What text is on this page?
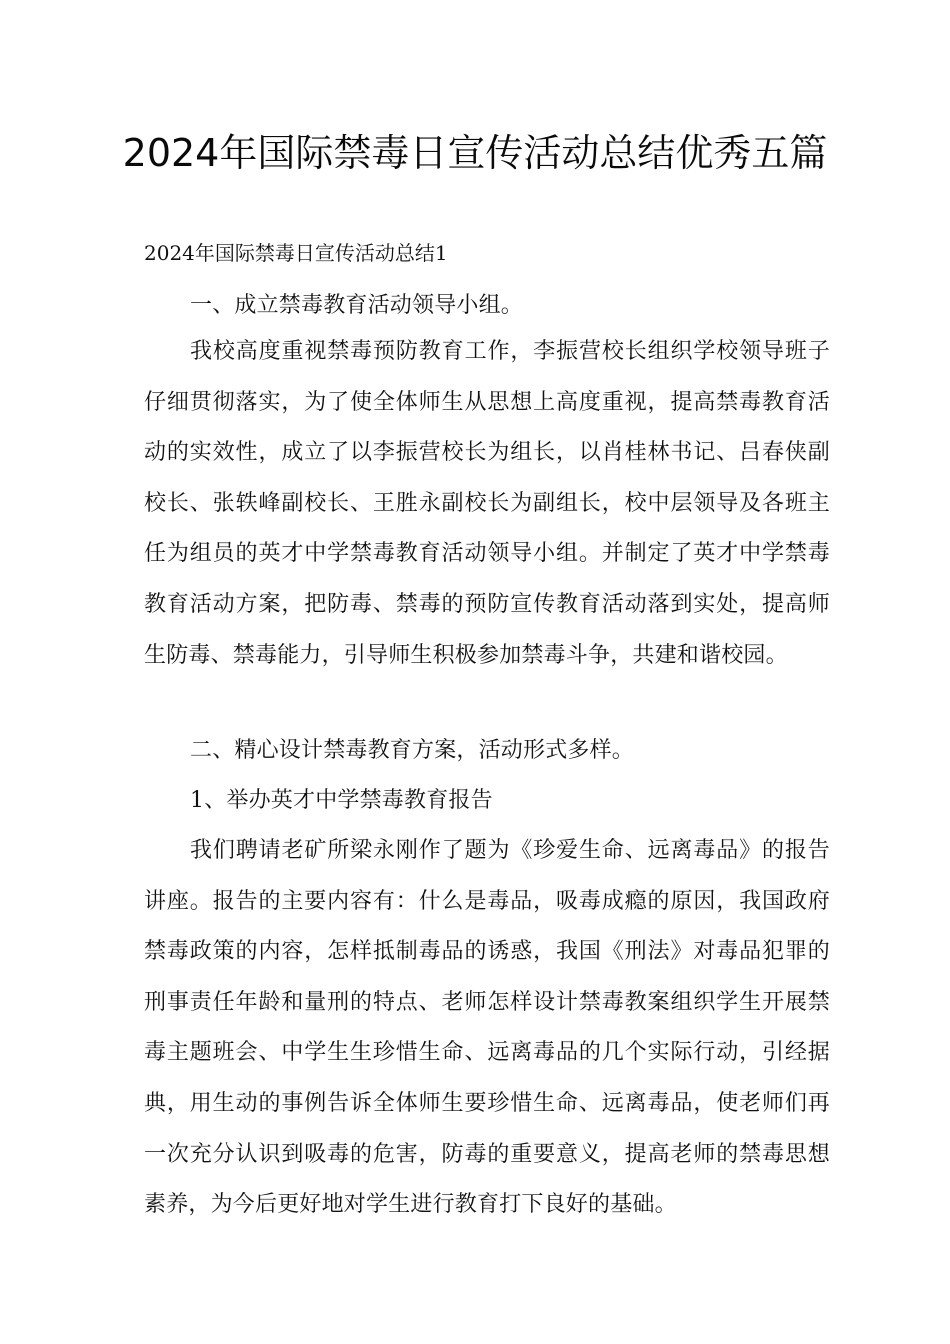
2024年国际禁毒日宣传活动总结优秀五篇

2024年国际禁毒日宣传活动总结1

一、成立禁毒教育活动领导小组。

我校高度重视禁毒预防教育工作，李振营校长组织学校领导班子仔细贯彻落实，为了使全体师生从思想上高度重视，提高禁毒教育活动的实效性，成立了以李振营校长为组长，以肖桂林书记、吕春侠副校长、张轶峰副校长、王胜永副校长为副组长，校中层领导及各班主任为组员的英才中学禁毒教育活动领导小组。并制定了英才中学禁毒教育活动方案，把防毒、禁毒的预防宣传教育活动落到实处，提高师生防毒、禁毒能力，引导师生积极参加禁毒斗争，共建和谐校园。

二、精心设计禁毒教育方案，活动形式多样。

1、举办英才中学禁毒教育报告

我们聘请老矿所梁永刚作了题为《珍爱生命、远离毒品》的报告讲座。报告的主要内容有：什么是毒品，吸毒成瘾的原因，我国政府禁毒政策的内容，怎样抵制毒品的诱惑，我国《刑法》对毒品犯罪的刑事责任年龄和量刑的特点、老师怎样设计禁毒教案组织学生开展禁毒主题班会、中学生生珍惜生命、远离毒品的几个实际行动，引经据典，用生动的事例告诉全体师生要珍惜生命、远离毒品，使老师们再一次充分认识到吸毒的危害，防毒的重要意义，提高老师的禁毒思想素养，为今后更好地对学生进行教育打下良好的基础。
